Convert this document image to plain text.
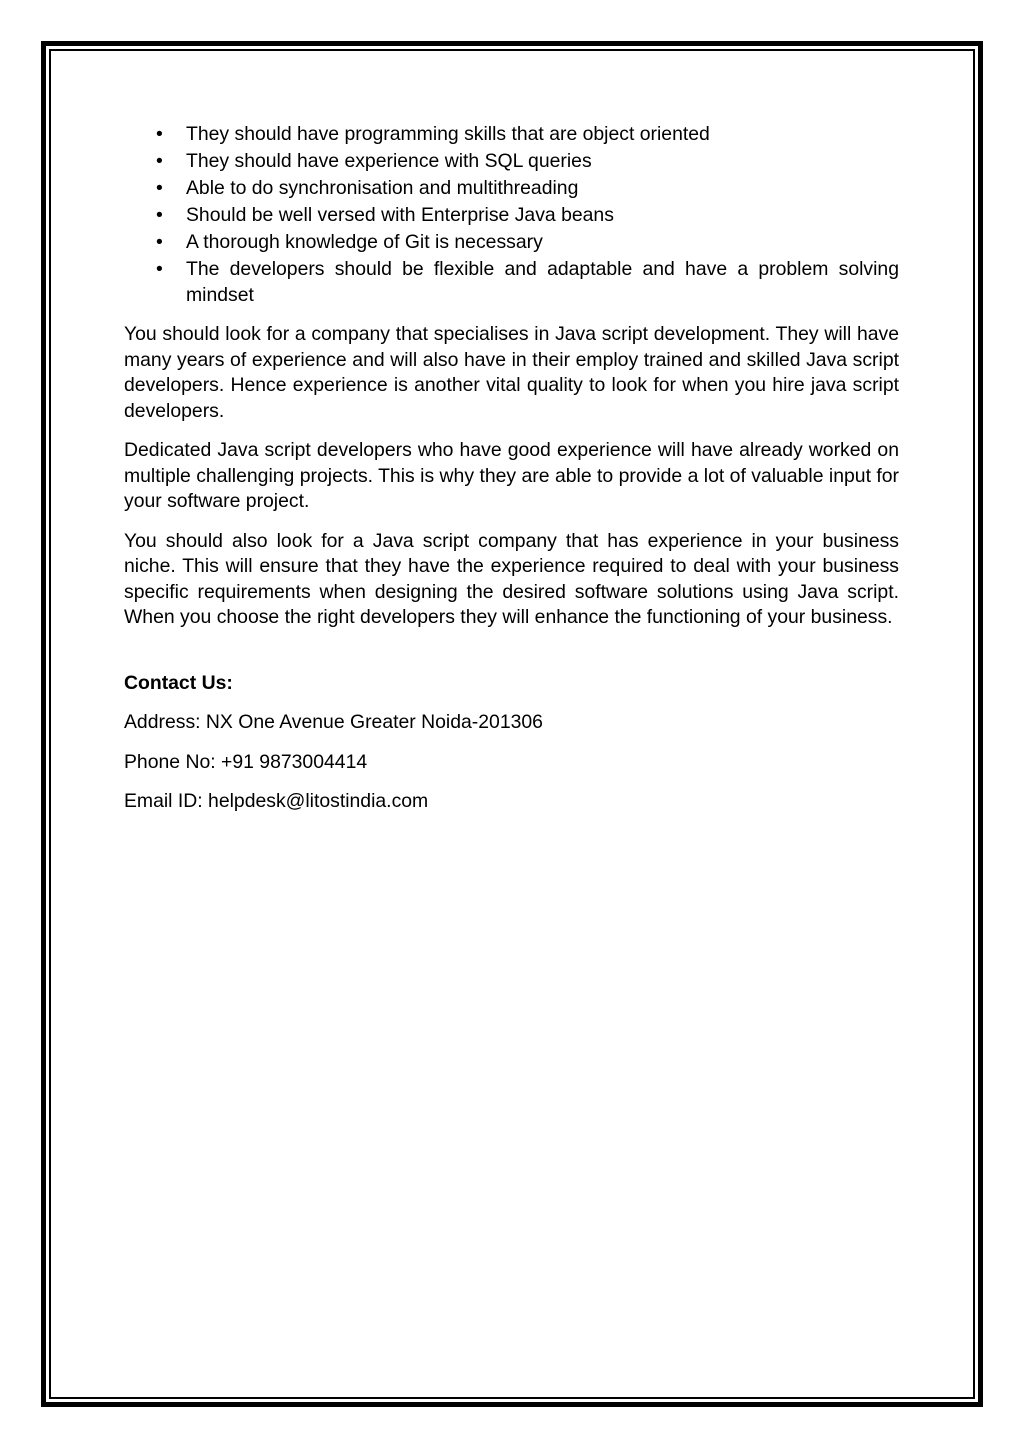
• They should have programming skills that are object oriented
• They should have experience with SQL queries
• Able to do synchronisation and multithreading
• Should be well versed with Enterprise Java beans
• A thorough knowledge of Git is necessary
• The developers should be flexible and adaptable and have a problem solving mindset

You should look for a company that specialises in Java script development. They will have many years of experience and will also have in their employ trained and skilled Java script developers. Hence experience is another vital quality to look for when you hire java script developers.

Dedicated Java script developers who have good experience will have already worked on multiple challenging projects. This is why they are able to provide a lot of valuable input for your software project.

You should also look for a Java script company that has experience in your business niche. This will ensure that they have the experience required to deal with your business specific requirements when designing the desired software solutions using Java script. When you choose the right developers they will enhance the functioning of your business.

Contact Us:
Address: NX One Avenue Greater Noida-201306
Phone No: +91 9873004414
Email ID: helpdesk@litostindia.com
